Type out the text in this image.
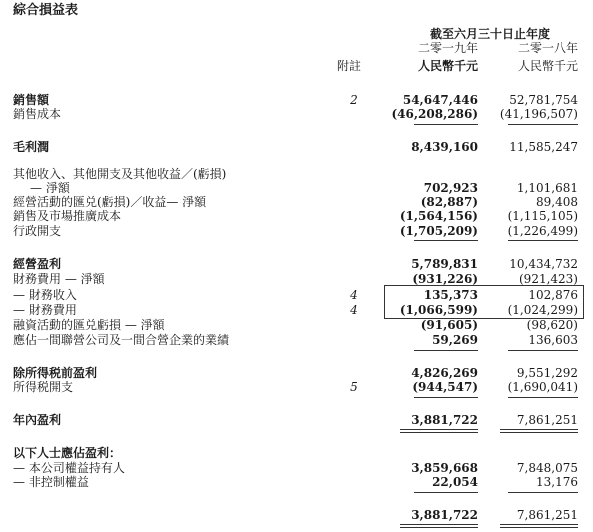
綜合損益表
截至六月三十日止年度
二零一九年	二零一八年
附註	人民幣千元	人民幣千元
銷售額	2	54,647,446	52,781,754
銷售成本	(46,208,286)	(41,196,507)
毛利潤	8,439,160	11,585,247
其他收入、其他開支及其他收益／(虧損)
— 淨額	702,923	1,101,681
經營活動的匯兑(虧損)／收益— 淨額	(82,887)	89,408
銷售及市場推廣成本	(1,564,156)	(1,115,105)
行政開支	(1,705,209)	(1,226,499)
經營盈利	5,789,831	10,434,732
財務費用 — 淨額	(931,226)	(921,423)
— 財務收入	4	135,373	102,876
— 財務費用	4	(1,066,599)	(1,024,299)
融資活動的匯兑虧損 — 淨額	(91,605)	(98,620)
應佔一間聯營公司及一間合營企業的業績	59,269	136,603
除所得税前盈利	4,826,269	9,551,292
所得税開支	5	(944,547)	(1,690,041)
年內盈利	3,881,722	7,861,251
以下人士應佔盈利：
— 本公司權益持有人	3,859,668	7,848,075
— 非控制權益	22,054	13,176
3,881,722	7,861,251
